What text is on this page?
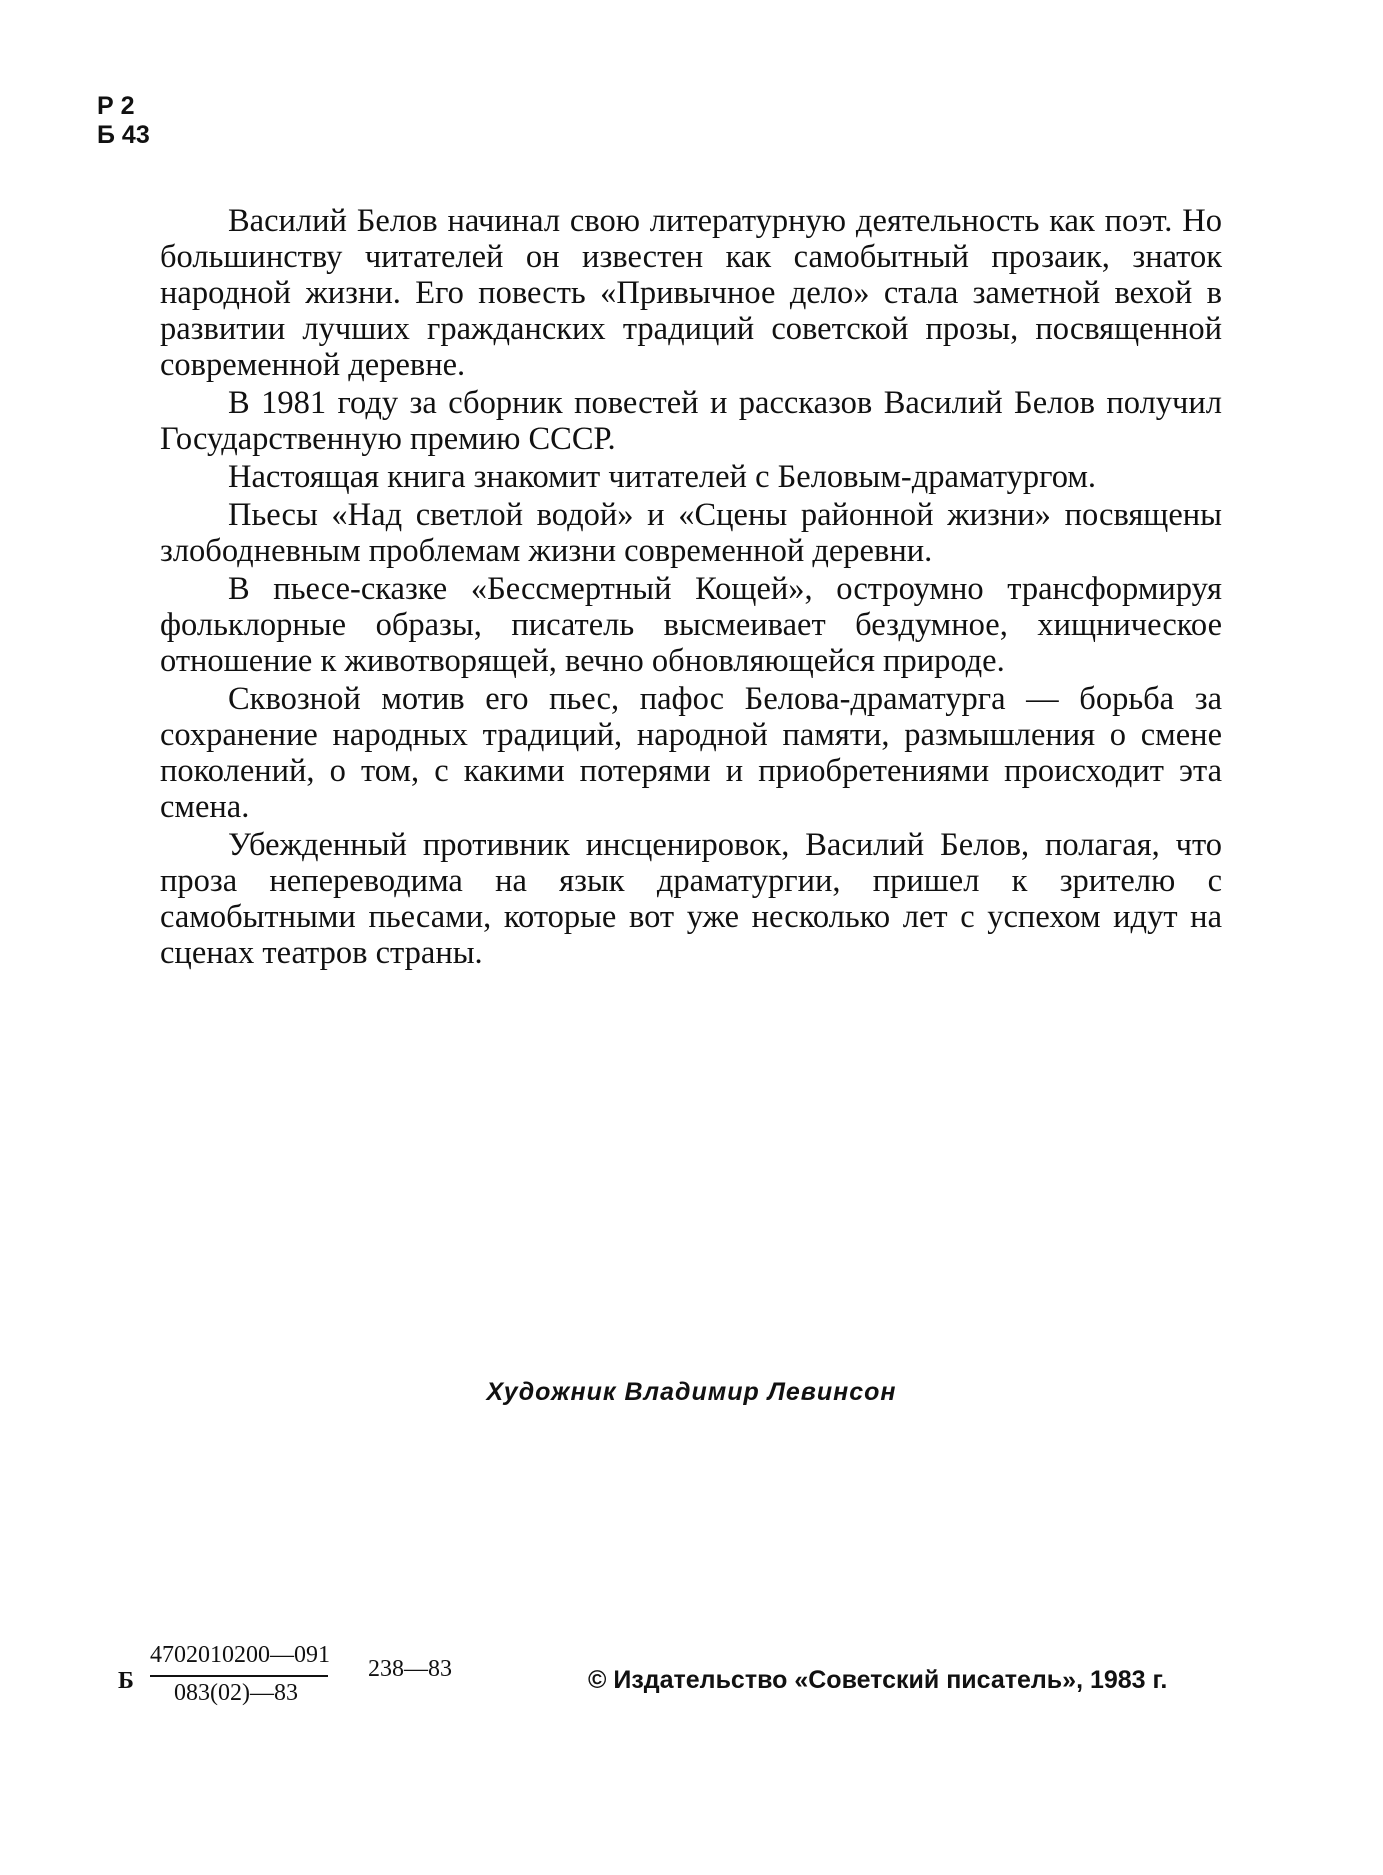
Р 2
Б 43

Василий Белов начинал свою литературную деятельность как поэт. Но большинству читателей он известен как самобытный прозаик, знаток народной жизни. Его повесть «Привычное дело» стала заметной вехой в развитии лучших гражданских традиций советской прозы, посвященной современной деревне.

В 1981 году за сборник повестей и рассказов Василий Белов получил Государственную премию СССР.

Настоящая книга знакомит читателей с Беловым-драматургом.

Пьесы «Над светлой водой» и «Сцены районной жизни» посвящены злободневным проблемам жизни современной деревни.

В пьесе-сказке «Бессмертный Кощей», остроумно трансформируя фольклорные образы, писатель высмеивает бездумное, хищническое отношение к животворящей, вечно обновляющейся природе.

Сквозной мотив его пьес, пафос Белова-драматурга — борьба за сохранение народных традиций, народной памяти, размышления о смене поколений, о том, с какими потерями и приобретениями происходит эта смена.

Убежденный противник инсценировок, Василий Белов, полагая, что проза непереводима на язык драматургии, пришел к зрителю с самобытными пьесами, которые вот уже несколько лет с успехом идут на сценах театров страны.

Художник Владимир Левинсон
Б
4702010200—091
083(02)—83
238—83	© Издательство «Советский писатель», 1983 г.
